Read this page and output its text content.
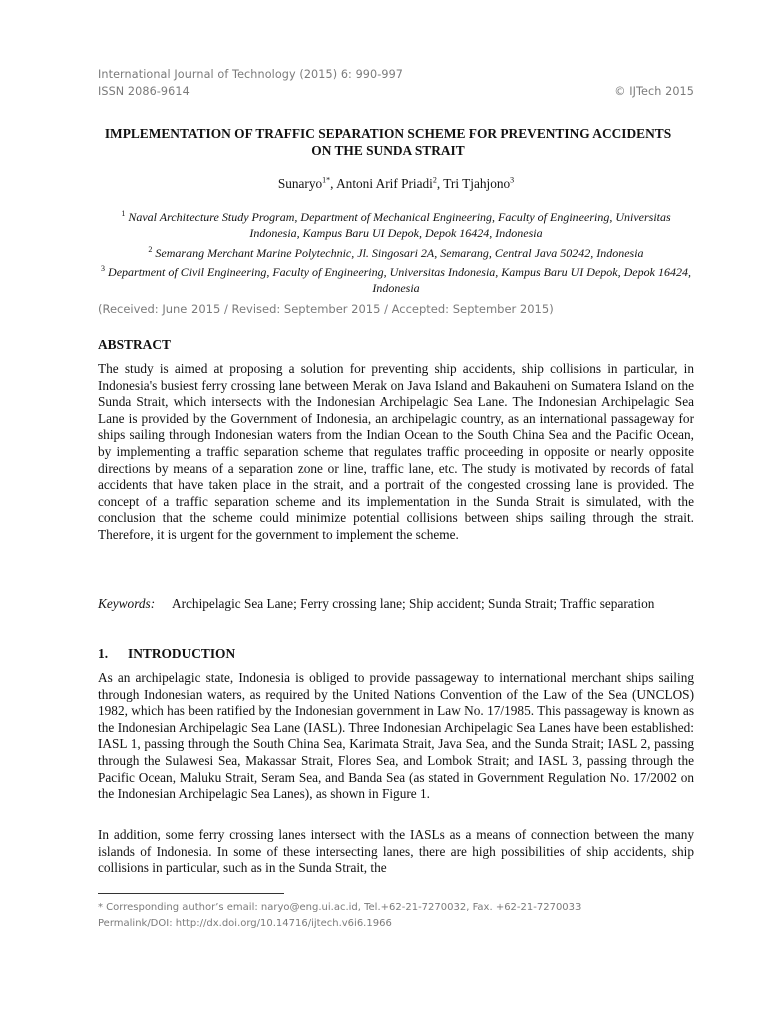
International Journal of Technology (2015) 6: 990-997
ISSN 2086-9614	© IJTech 2015
IMPLEMENTATION OF TRAFFIC SEPARATION SCHEME FOR PREVENTING ACCIDENTS ON THE SUNDA STRAIT
Sunaryo$^{1*}$, Antoni Arif Priadi$^2$, Tri Tjahjono$^3$
$^1$ Naval Architecture Study Program, Department of Mechanical Engineering, Faculty of Engineering, Universitas Indonesia, Kampus Baru UI Depok, Depok 16424, Indonesia
$^2$ Semarang Merchant Marine Polytechnic, Jl. Singosari 2A, Semarang, Central Java 50242, Indonesia
$^3$ Department of Civil Engineering, Faculty of Engineering, Universitas Indonesia, Kampus Baru UI Depok, Depok 16424, Indonesia
(Received: June 2015 / Revised: September 2015 / Accepted: September 2015)
ABSTRACT

The study is aimed at proposing a solution for preventing ship accidents, ship collisions in particular, in Indonesia's busiest ferry crossing lane between Merak on Java Island and Bakauheni on Sumatera Island on the Sunda Strait, which intersects with the Indonesian Archipelagic Sea Lane. The Indonesian Archipelagic Sea Lane is provided by the Government of Indonesia, an archipelagic country, as an international passageway for ships sailing through Indonesian waters from the Indian Ocean to the South China Sea and the Pacific Ocean, by implementing a traffic separation scheme that regulates traffic proceeding in opposite or nearly opposite directions by means of a separation zone or line, traffic lane, etc. The study is motivated by records of fatal accidents that have taken place in the strait, and a portrait of the congested crossing lane is provided. The concept of a traffic separation scheme and its implementation in the Sunda Strait is simulated, with the conclusion that the scheme could minimize potential collisions between ships sailing through the strait. Therefore, it is urgent for the government to implement the scheme.

Keywords:	Archipelagic Sea Lane; Ferry crossing lane; Ship accident; Sunda Strait; Traffic separation
1. INTRODUCTION

As an archipelagic state, Indonesia is obliged to provide passageway to international merchant ships sailing through Indonesian waters, as required by the United Nations Convention of the Law of the Sea (UNCLOS) 1982, which has been ratified by the Indonesian government in Law No. 17/1985. This passageway is known as the Indonesian Archipelagic Sea Lane (IASL). Three Indonesian Archipelagic Sea Lanes have been established: IASL 1, passing through the South China Sea, Karimata Strait, Java Sea, and the Sunda Strait; IASL 2, passing through the Sulawesi Sea, Makassar Strait, Flores Sea, and Lombok Strait; and IASL 3, passing through the Pacific Ocean, Maluku Strait, Seram Sea, and Banda Sea (as stated in Government Regulation No. 17/2002 on the Indonesian Archipelagic Sea Lanes), as shown in Figure 1.

In addition, some ferry crossing lanes intersect with the IASLs as a means of connection between the many islands of Indonesia. In some of these intersecting lanes, there are high possibilities of ship accidents, ship collisions in particular, such as in the Sunda Strait, the

* Corresponding author’s email: naryo@eng.ui.ac.id, Tel.+62-21-7270032, Fax. +62-21-7270033
Permalink/DOI: http://dx.doi.org/10.14716/ijtech.v6i6.1966
